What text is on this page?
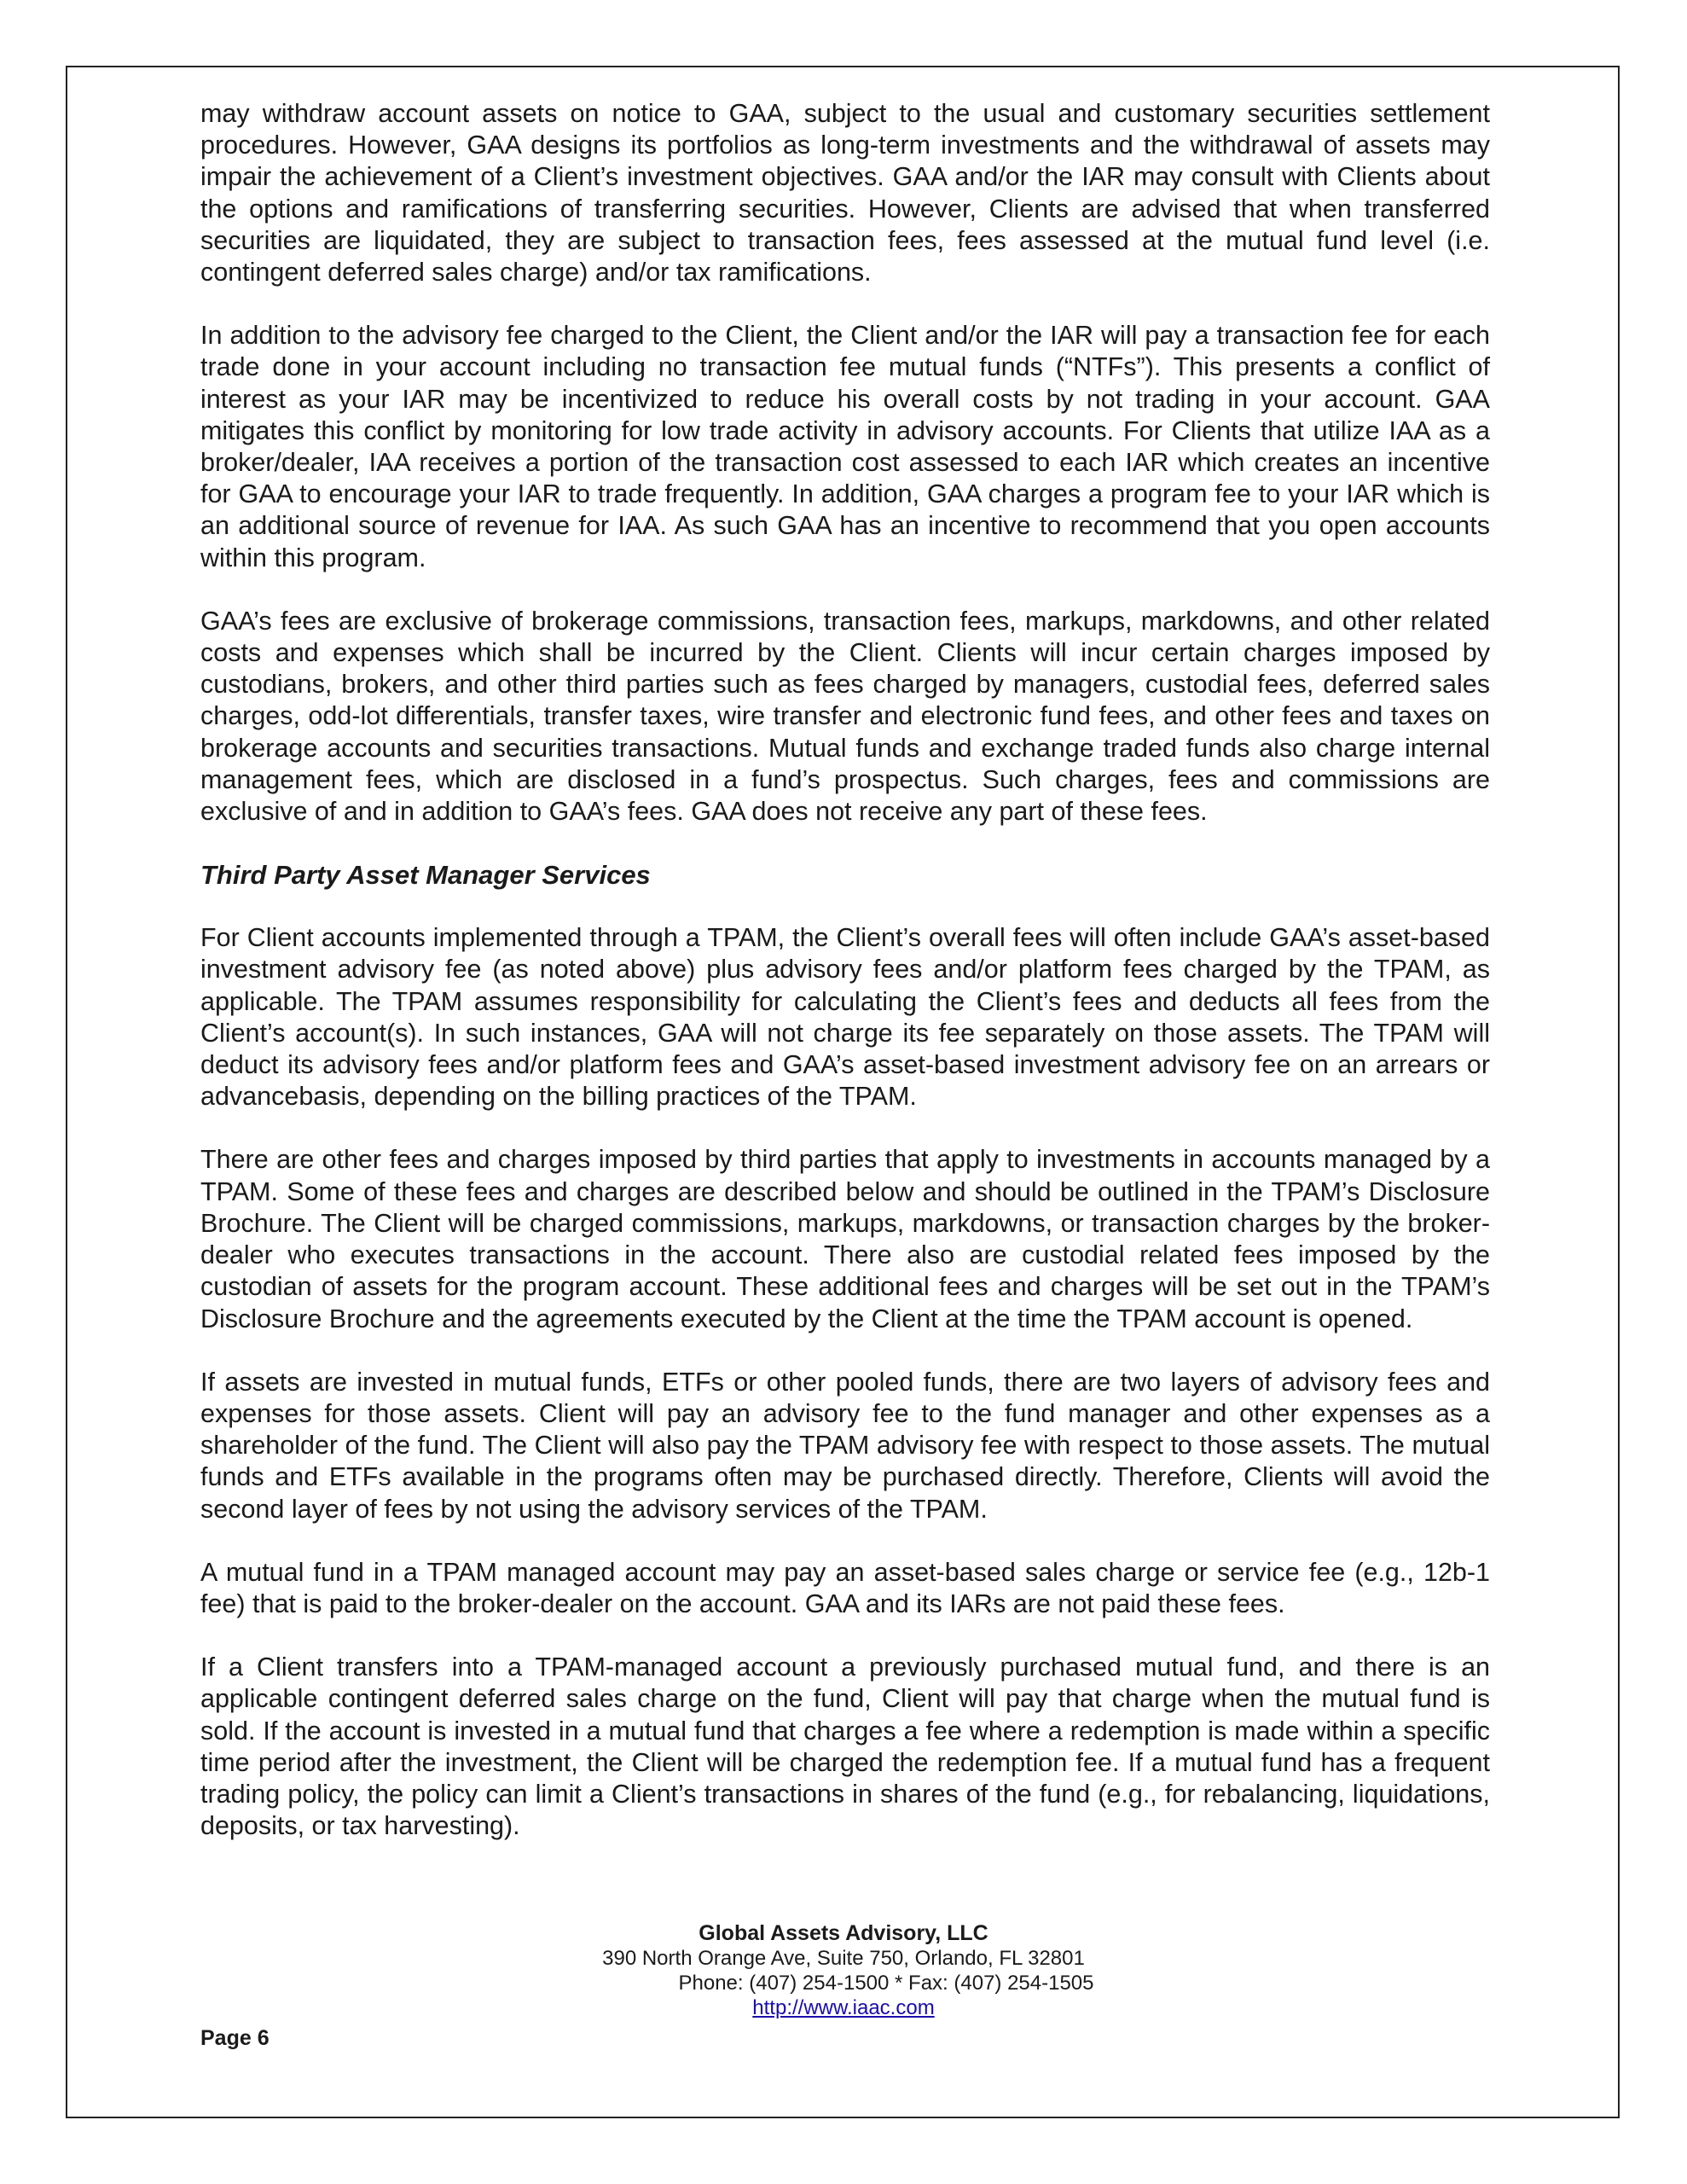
may withdraw account assets on notice to GAA, subject to the usual and customary securities settlement procedures. However, GAA designs its portfolios as long-term investments and the withdrawal of assets may impair the achievement of a Client’s investment objectives. GAA and/or the IAR may consult with Clients about the options and ramifications of transferring securities. However, Clients are advised that when transferred securities are liquidated, they are subject to transaction fees, fees assessed at the mutual fund level (i.e. contingent deferred sales charge) and/or tax ramifications.

In addition to the advisory fee charged to the Client, the Client and/or the IAR will pay a transaction fee for each trade done in your account including no transaction fee mutual funds (“NTFs”). This presents a conflict of interest as your IAR may be incentivized to reduce his overall costs by not trading in your account. GAA mitigates this conflict by monitoring for low trade activity in advisory accounts. For Clients that utilize IAA as a broker/dealer, IAA receives a portion of the transaction cost assessed to each IAR which creates an incentive for GAA to encourage your IAR to trade frequently. In addition, GAA charges a program fee to your IAR which is an additional source of revenue for IAA. As such GAA has an incentive to recommend that you open accounts within this program.

GAA’s fees are exclusive of brokerage commissions, transaction fees, markups, markdowns, and other related costs and expenses which shall be incurred by the Client. Clients will incur certain charges imposed by custodians, brokers, and other third parties such as fees charged by managers, custodial fees, deferred sales charges, odd-lot differentials, transfer taxes, wire transfer and electronic fund fees, and other fees and taxes on brokerage accounts and securities transactions. Mutual funds and exchange traded funds also charge internal management fees, which are disclosed in a fund’s prospectus. Such charges, fees and commissions are exclusive of and in addition to GAA’s fees. GAA does not receive any part of these fees.

Third Party Asset Manager Services

For Client accounts implemented through a TPAM, the Client’s overall fees will often include GAA’s asset-based investment advisory fee (as noted above) plus advisory fees and/or platform fees charged by the TPAM, as applicable. The TPAM assumes responsibility for calculating the Client’s fees and deducts all fees from the Client’s account(s). In such instances, GAA will not charge its fee separately on those assets. The TPAM will deduct its advisory fees and/or platform fees and GAA’s asset-based investment advisory fee on an arrears or advancebasis, depending on the billing practices of the TPAM.

There are other fees and charges imposed by third parties that apply to investments in accounts managed by a TPAM. Some of these fees and charges are described below and should be outlined in the TPAM’s Disclosure Brochure. The Client will be charged commissions, markups, markdowns, or transaction charges by the broker-dealer who executes transactions in the account. There also are custodial related fees imposed by the custodian of assets for the program account. These additional fees and charges will be set out in the TPAM’s Disclosure Brochure and the agreements executed by the Client at the time the TPAM account is opened.

If assets are invested in mutual funds, ETFs or other pooled funds, there are two layers of advisory fees and expenses for those assets. Client will pay an advisory fee to the fund manager and other expenses as a shareholder of the fund. The Client will also pay the TPAM advisory fee with respect to those assets. The mutual funds and ETFs available in the programs often may be purchased directly. Therefore, Clients will avoid the second layer of fees by not using the advisory services of the TPAM.

A mutual fund in a TPAM managed account may pay an asset-based sales charge or service fee (e.g., 12b-1 fee) that is paid to the broker-dealer on the account. GAA and its IARs are not paid these fees.

If a Client transfers into a TPAM-managed account a previously purchased mutual fund, and there is an applicable contingent deferred sales charge on the fund, Client will pay that charge when the mutual fund is sold. If the account is invested in a mutual fund that charges a fee where a redemption is made within a specific time period after the investment, the Client will be charged the redemption fee. If a mutual fund has a frequent trading policy, the policy can limit a Client’s transactions in shares of the fund (e.g., for rebalancing, liquidations, deposits, or tax harvesting).

Global Assets Advisory, LLC
390 North Orange Ave, Suite 750, Orlando, FL 32801
Phone: (407) 254-1500 * Fax: (407) 254-1505
http://www.iaac.com
Page 6
